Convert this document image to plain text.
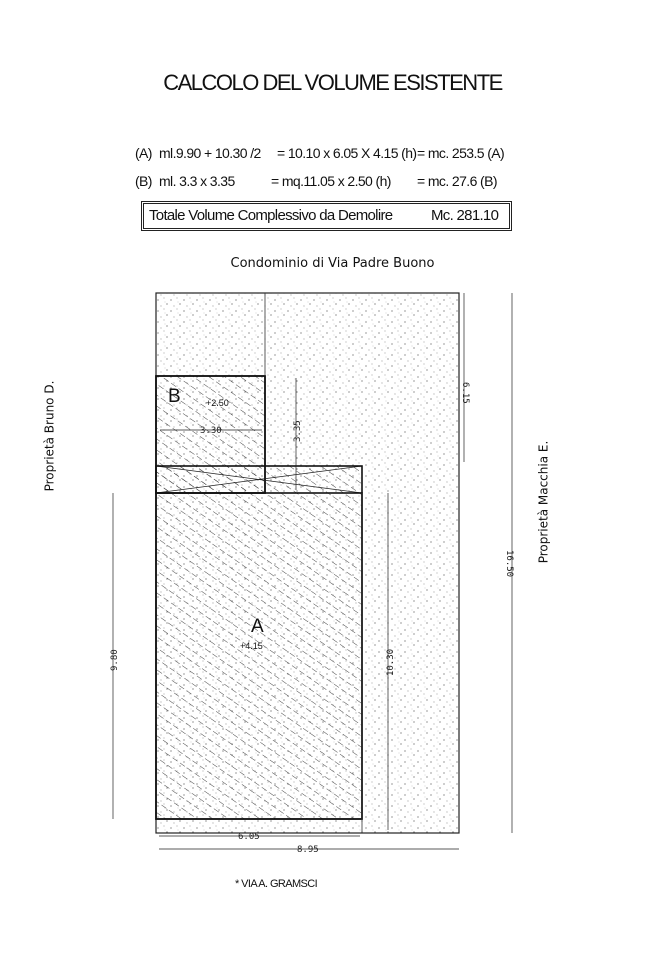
CALCOLO DEL VOLUME ESISTENTE
(A) ml.9.90 + 10.30 /2 = 10.10 x 6.05 X 4.15 (h) = mc. 253.5 (A)
(B) ml. 3.3 x 3.35	= mq.11.05 x 2.50 (h) = mc. 27.6 (B)
Totale Volume Complessivo da Demolire	Mc. 281.10
Condominio di Via Padre Buono
3.30	3.35
6.15
16.50
9.80	10.30
6.05
8.95
B	+2.50
A
+4.15
Proprietà Bruno D.
Proprietà Macchia E.
* VIA A. GRAMSCI
